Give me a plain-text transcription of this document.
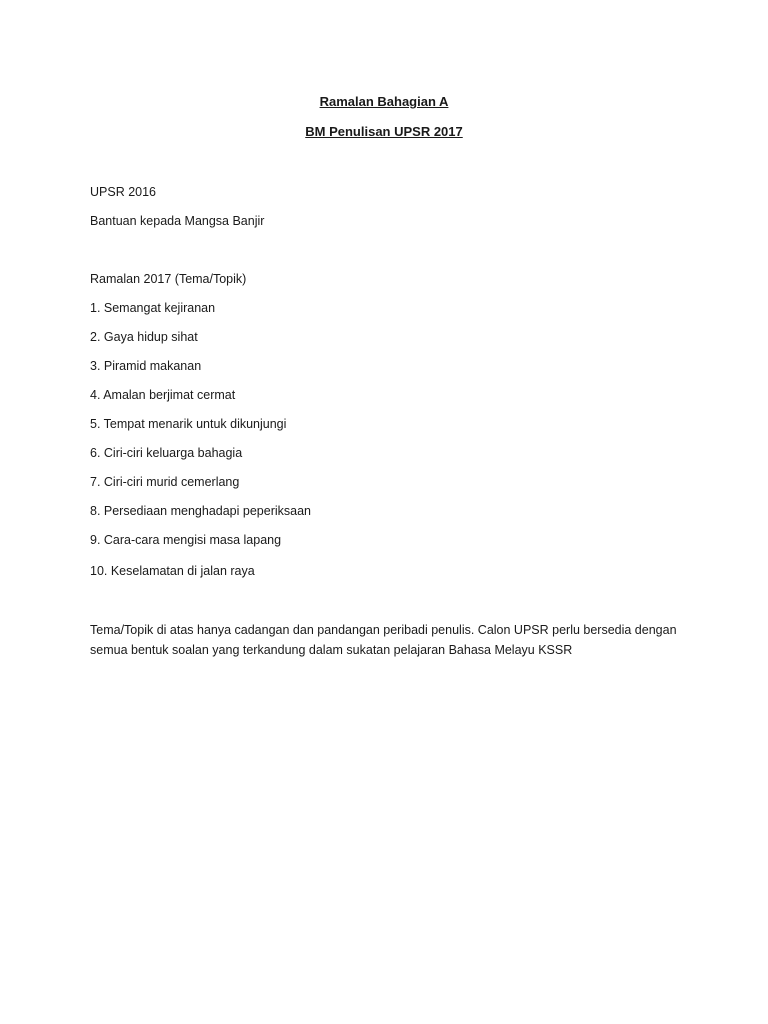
Ramalan Bahagian A
BM Penulisan UPSR 2017

UPSR 2016

Bantuan kepada Mangsa Banjir

Ramalan 2017 (Tema/Topik)

1. Semangat kejiranan

2. Gaya hidup sihat

3. Piramid makanan

4. Amalan berjimat cermat

5. Tempat menarik untuk dikunjungi

6. Ciri-ciri keluarga bahagia

7. Ciri-ciri murid cemerlang

8. Persediaan menghadapi peperiksaan

9. Cara-cara mengisi masa lapang

10. Keselamatan di jalan raya

Tema/Topik di atas hanya cadangan dan pandangan peribadi penulis. Calon UPSR perlu bersedia dengan semua bentuk soalan yang terkandung dalam sukatan pelajaran Bahasa Melayu KSSR
